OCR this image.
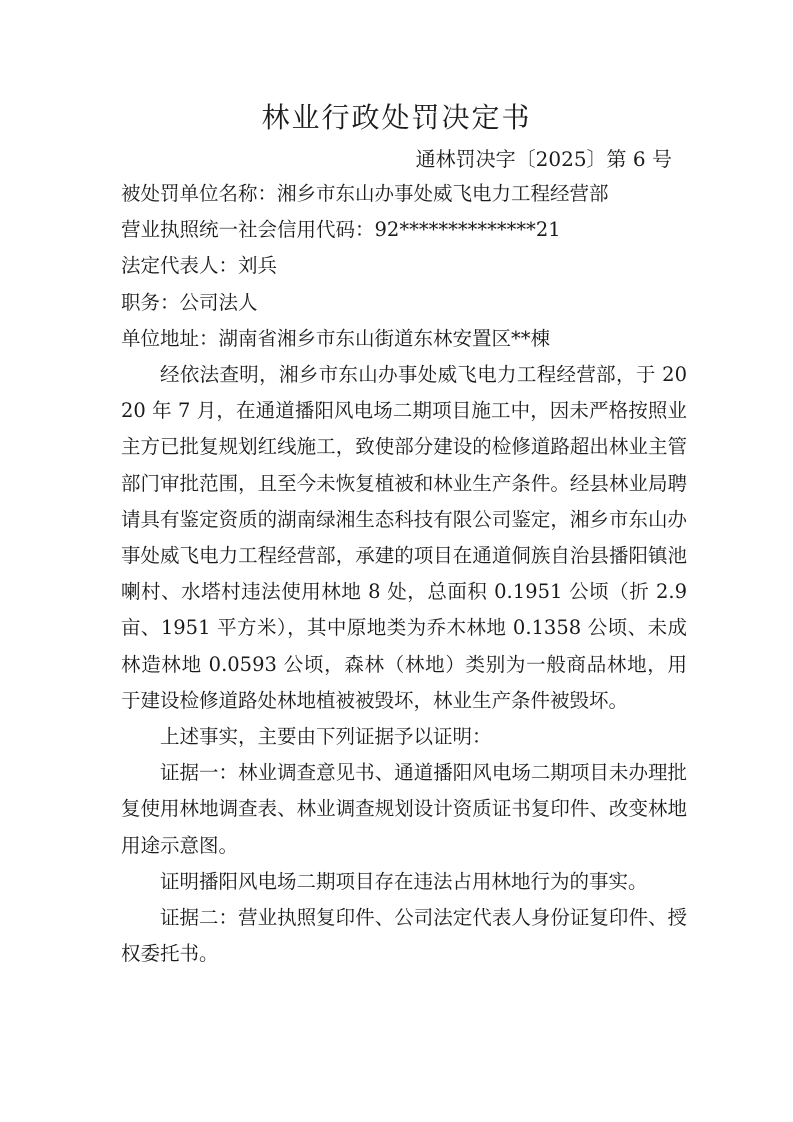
林业行政处罚决定书
通林罚决字〔2025〕第 6 号

被处罚单位名称：湘乡市东山办事处威飞电力工程经营部

营业执照统一社会信用代码：92**************21

法定代表人：刘兵

职务：公司法人

单位地址：湖南省湘乡市东山街道东林安置区**棟

经依法查明，湘乡市东山办事处威飞电力工程经营部，于 2020 年 7 月，在通道播阳风电场二期项目施工中，因未严格按照业主方已批复规划红线施工，致使部分建设的检修道路超出林业主管部门审批范围，且至今未恢复植被和林业生产条件。经县林业局聘请具有鉴定资质的湖南绿湘生态科技有限公司鉴定，湘乡市东山办事处威飞电力工程经营部，承建的项目在通道侗族自治县播阳镇池喇村、水塔村违法使用林地 8 处，总面积 0.1951 公顷（折 2.9 亩、1951 平方米），其中原地类为乔木林地 0.1358 公顷、未成林造林地 0.0593 公顷，森林（林地）类别为一般商品林地，用于建设检修道路处林地植被被毁坏，林业生产条件被毁坏。

上述事实，主要由下列证据予以证明：

证据一：林业调查意见书、通道播阳风电场二期项目未办理批复使用林地调查表、林业调查规划设计资质证书复印件、改变林地用途示意图。

证明播阳风电场二期项目存在违法占用林地行为的事实。

证据二：营业执照复印件、公司法定代表人身份证复印件、授权委托书。
